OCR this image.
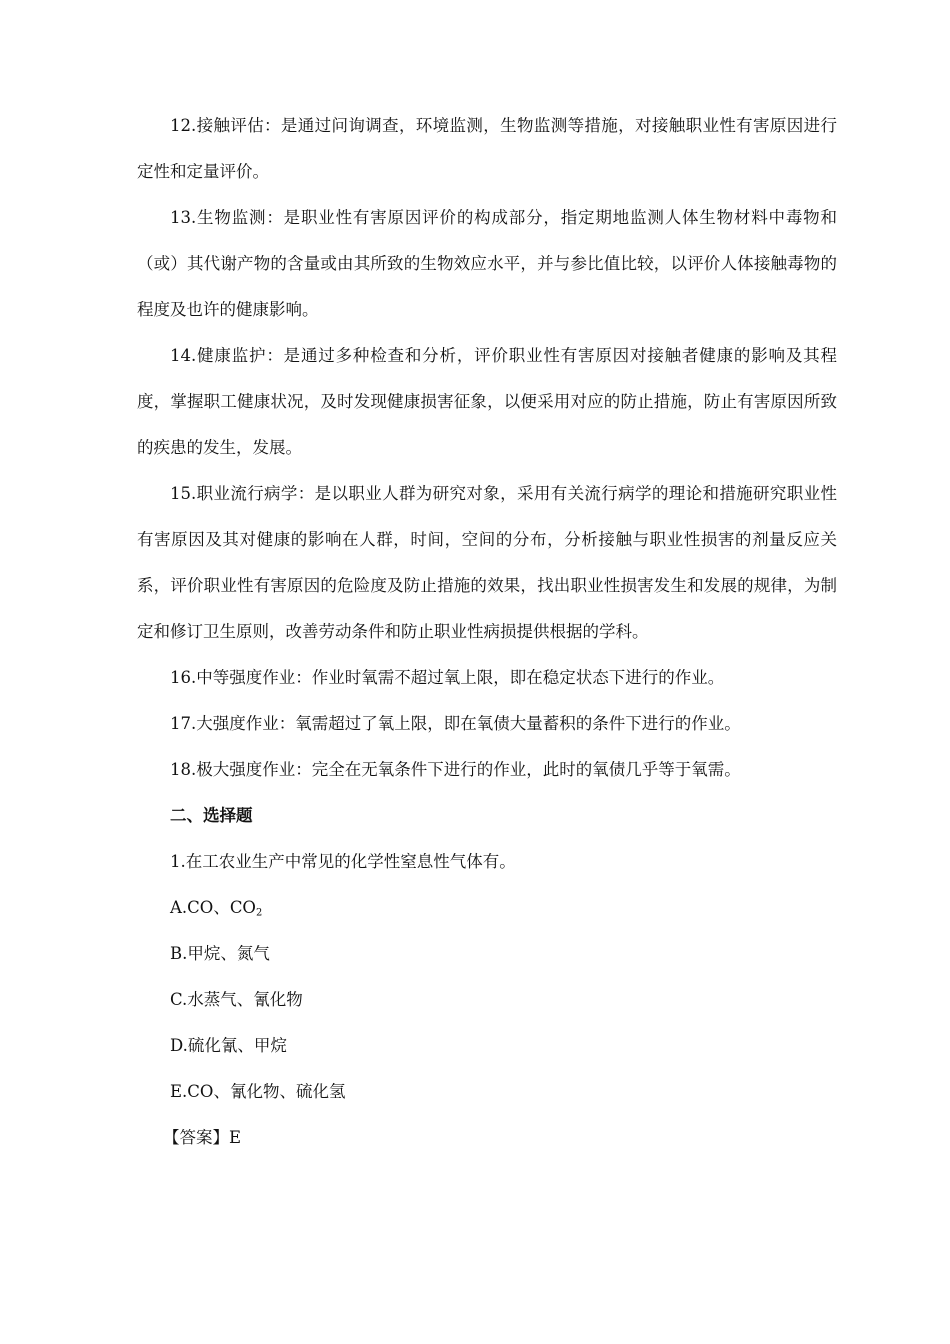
12.接触评估：是通过问询调查，环境监测，生物监测等措施，对接触职业性有害原因进行定性和定量评价。

13.生物监测：是职业性有害原因评价的构成部分，指定期地监测人体生物材料中毒物和（或）其代谢产物的含量或由其所致的生物效应水平，并与参比值比较，以评价人体接触毒物的程度及也许的健康影响。

14.健康监护：是通过多种检查和分析，评价职业性有害原因对接触者健康的影响及其程度，掌握职工健康状况，及时发现健康损害征象，以便采用对应的防止措施，防止有害原因所致的疾患的发生，发展。

15.职业流行病学：是以职业人群为研究对象，采用有关流行病学的理论和措施研究职业性有害原因及其对健康的影响在人群，时间，空间的分布，分析接触与职业性损害的剂量反应关系，评价职业性有害原因的危险度及防止措施的效果，找出职业性损害发生和发展的规律，为制定和修订卫生原则，改善劳动条件和防止职业性病损提供根据的学科。

16.中等强度作业：作业时氧需不超过氧上限，即在稳定状态下进行的作业。

17.大强度作业：氧需超过了氧上限，即在氧债大量蓄积的条件下进行的作业。

18.极大强度作业：完全在无氧条件下进行的作业，此时的氧债几乎等于氧需。

二、选择题

1.在工农业生产中常见的化学性窒息性气体有。

A.CO、$CO_2$

B.甲烷、氮气

C.水蒸气、氰化物

D.硫化氰、甲烷

E.CO、氰化物、硫化氢

【答案】E
